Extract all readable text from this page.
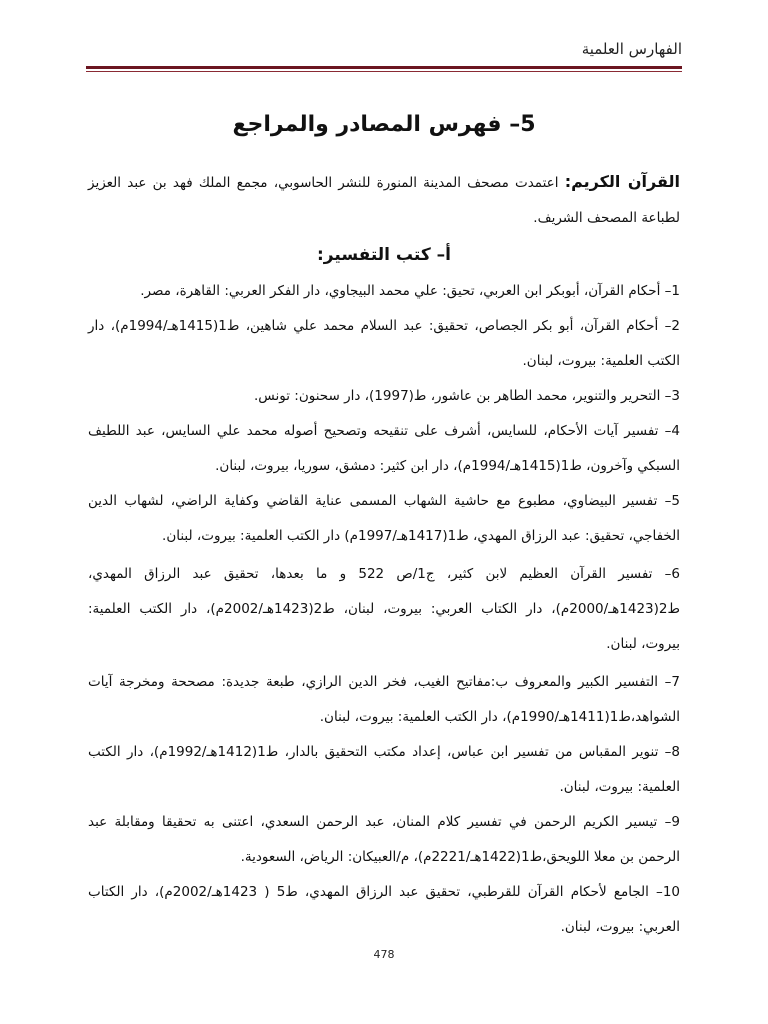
الفهارس العلمية
5– فهرس المصادر والمراجع

القرآن الكريم: اعتمدت مصحف المدينة المنورة للنشر الحاسوبي، مجمع الملك فهد بن عبد العزيز لطباعة المصحف الشريف.

أ– كتب التفسير:

1– أحكام القرآن، أبوبكر ابن العربي، تحيق: علي محمد البيجاوي، دار الفكر العربي: القاهرة، مصر.

2– أحكام القرآن، أبو بكر الجصاص، تحقيق: عبد السلام محمد علي شاهين، ط1(1415هـ/1994م)، دار الكتب العلمية: بيروت، لبنان.

3– التحرير والتنوير، محمد الطاهر بن عاشور، ط(1997)، دار سحنون: تونس.

4– تفسير آيات الأحكام، للسايس، أشرف على تنقيحه وتصحيح أصوله محمد علي السايس، عبد اللطيف السبكي وآخرون، ط1(1415هـ/1994م)، دار ابن كثير: دمشق، سوريا، بيروت، لبنان.

5– تفسير البيضاوي، مطبوع مع حاشية الشهاب المسمى عناية القاضي وكفاية الراضي، لشهاب الدين الخفاجي، تحقيق: عبد الرزاق المهدي، ط1(1417هـ/1997م) دار الكتب العلمية: بيروت، لبنان.

6– تفسير القرآن العظيم لابن كثير، ج1/ص 522 و ما بعدها، تحقيق عبد الرزاق المهدي، ط2(1423هـ/2000م)، دار الكتاب العربي: بيروت، لبنان، ط2(1423هـ/2002م)، دار الكتب العلمية: بيروت، لبنان.

7– التفسير الكبير والمعروف ب:مفاتيح الغيب، فخر الدين الرازي، طبعة جديدة: مصححة ومخرجة آيات الشواهد،ط1(1411هـ/1990م)، دار الكتب العلمية: بيروت، لبنان.

8– تنوير المقباس من تفسير ابن عباس، إعداد مكتب التحقيق بالدار، ط1(1412هـ/1992م)، دار الكتب العلمية: بيروت، لبنان.

9– تيسير الكريم الرحمن في تفسير كلام المنان، عبد الرحمن السعدي، اعتنى به تحقيقا ومقابلة عبد الرحمن بن معلا اللويحق،ط1(1422هـ/2221م)، م/العبيكان: الرياض، السعودية.

10– الجامع لأحكام القرآن للقرطبي، تحقيق عبد الرزاق المهدي، ط5 ( 1423هـ/2002م)، دار الكتاب العربي: بيروت، لبنان.

478
